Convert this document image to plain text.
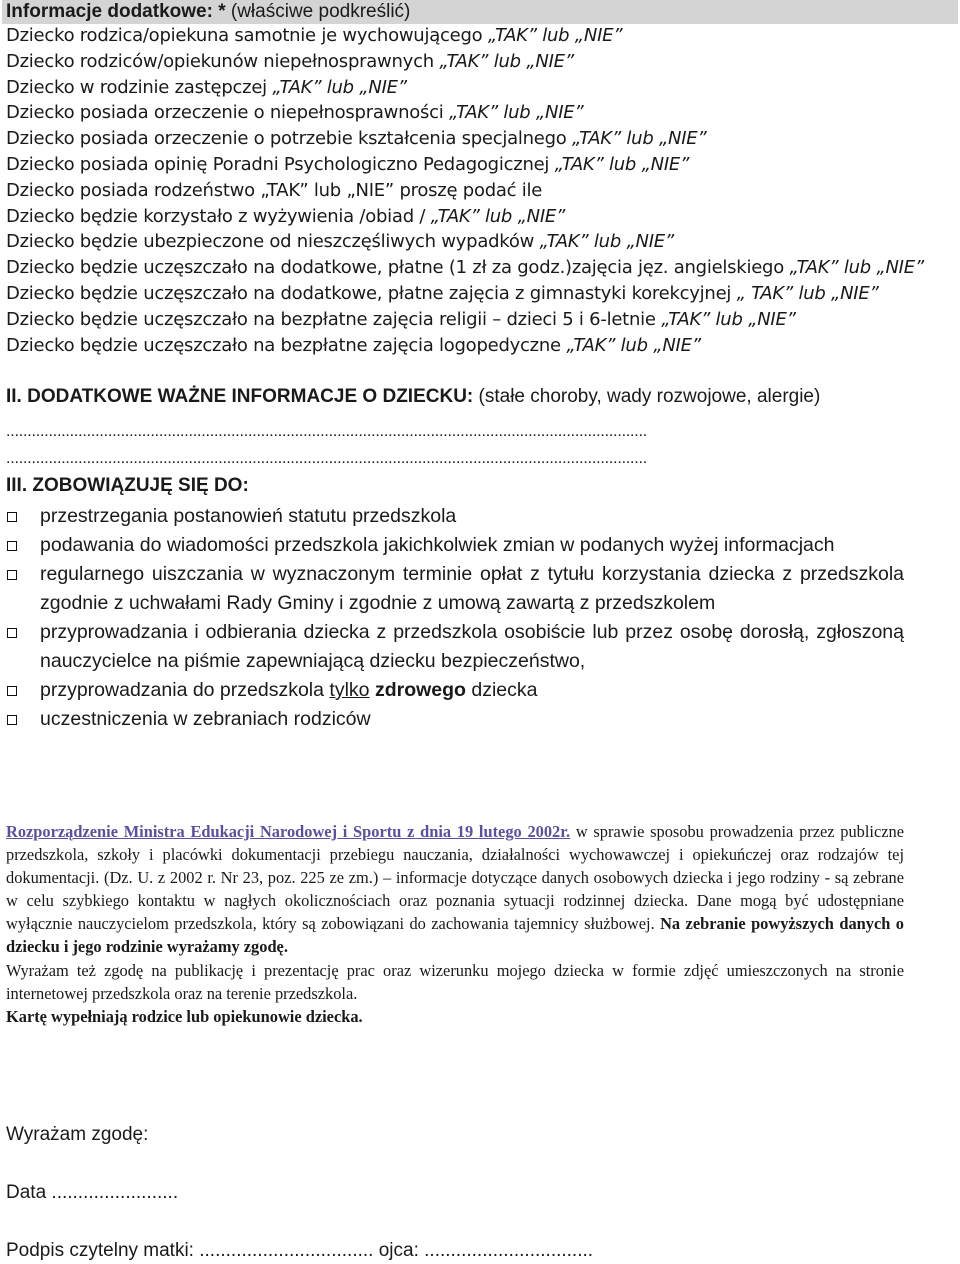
Informacje dodatkowe: * (właściwe podkreślić)
Dziecko rodzica/opiekuna samotnie je wychowującego „TAK” lub „NIE”
Dziecko rodziców/opiekunów niepełnosprawnych „TAK” lub „NIE”
Dziecko w rodzinie zastępczej „TAK” lub „NIE”
Dziecko posiada orzeczenie o niepełnosprawności „TAK” lub „NIE”
Dziecko posiada orzeczenie o potrzebie kształcenia specjalnego „TAK” lub „NIE”
Dziecko posiada opinię Poradni Psychologiczno Pedagogicznej „TAK” lub „NIE”
Dziecko posiada rodzeństwo „TAK” lub „NIE” proszę podać ile
Dziecko będzie korzystało z wyżywienia /obiad / „TAK” lub „NIE”
Dziecko będzie ubezpieczone od nieszczęśliwych wypadków „TAK” lub „NIE”
Dziecko będzie uczęszczało na dodatkowe, płatne (1 zł za godz.)zajęcia jęz. angielskiego „TAK” lub „NIE”
Dziecko będzie uczęszczało na dodatkowe, płatne zajęcia z gimnastyki korekcyjnej „ TAK” lub „NIE”
Dziecko będzie uczęszczało na bezpłatne zajęcia religii – dzieci 5 i 6-letnie „TAK” lub „NIE”
Dziecko będzie uczęszczało na bezpłatne zajęcia logopedyczne „TAK” lub „NIE”
II. DODATKOWE WAŻNE INFORMACJE O DZIECKU: (stałe choroby, wady rozwojowe, alergie)
.......................................................................................................................................................
.......................................................................................................................................................
III. ZOBOWIĄZUJĘ SIĘ DO:
przestrzegania postanowień statutu przedszkola
podawania do wiadomości przedszkola jakichkolwiek zmian w podanych wyżej informacjach
regularnego uiszczania w wyznaczonym terminie opłat z tytułu korzystania dziecka z przedszkola zgodnie z uchwałami Rady Gminy i zgodnie z umową zawartą z przedszkolem
przyprowadzania i odbierania dziecka z przedszkola osobiście lub przez osobę dorosłą, zgłoszoną nauczycielce na piśmie zapewniającą dziecku bezpieczeństwo,
przyprowadzania do przedszkola tylko zdrowego dziecka
uczestniczenia w zebraniach rodziców

Rozporządzenie Ministra Edukacji Narodowej i Sportu z dnia 19 lutego 2002r. w sprawie sposobu prowadzenia przez publiczne przedszkola, szkoły i placówki dokumentacji przebiegu nauczania, działalności wychowawczej i opiekuńczej oraz rodzajów tej dokumentacji. (Dz. U. z 2002 r. Nr 23, poz. 225 ze zm.) – informacje dotyczące danych osobowych dziecka i jego rodziny - są zebrane w celu szybkiego kontaktu w nagłych okolicznościach oraz poznania sytuacji rodzinnej dziecka. Dane mogą być udostępniane wyłącznie nauczycielom przedszkola, który są zobowiązani do zachowania tajemnicy służbowej. Na zebranie powyższych danych o dziecku i jego rodzinie wyrażamy zgodę.

Wyrażam też zgodę na publikację i prezentację prac oraz wizerunku mojego dziecka w formie zdjęć umieszczonych na stronie internetowej przedszkola oraz na terenie przedszkola.

Kartę wypełniają rodzice lub opiekunowie dziecka.

Wyrażam zgodę:
Data ........................
Podpis czytelny matki: ................................. ojca: ................................
